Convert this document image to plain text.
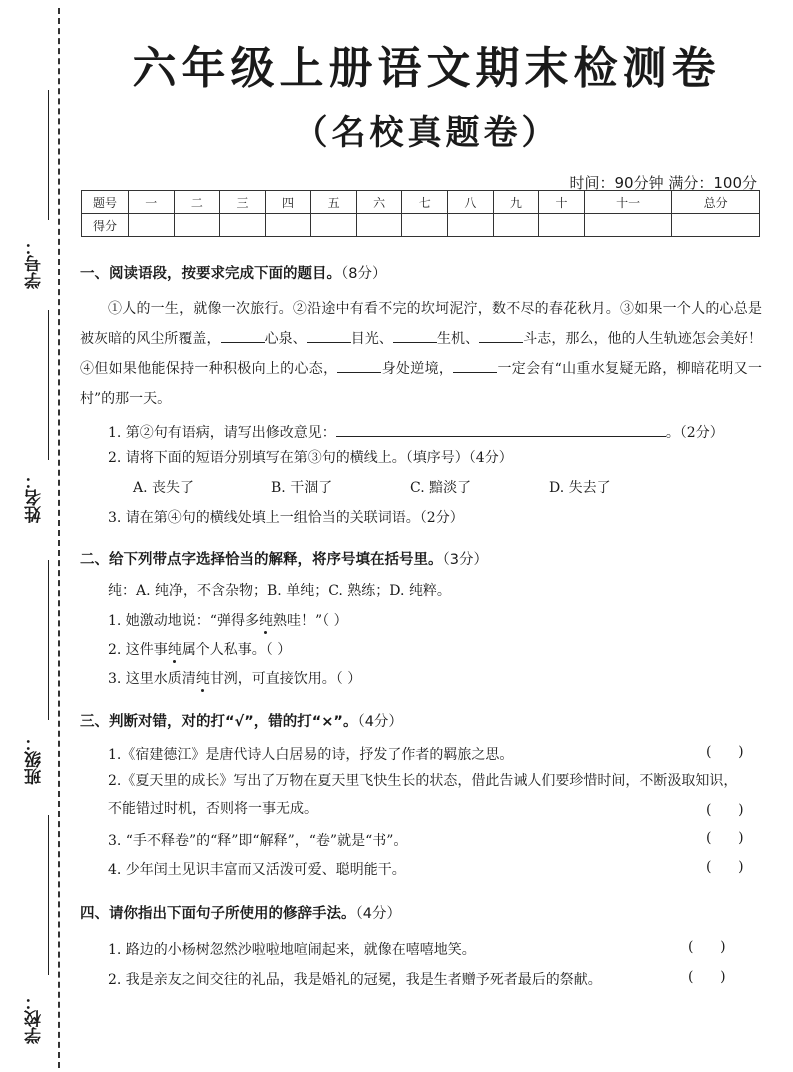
学号：
姓名：
班级：
学校：
六年级上册语文期末检测卷
（名校真题卷）
时间：90分钟 满分：100分
题号	一	二	三	四	五	六	七	八	九	十	十一	总分
得分												
一、阅读语段，按要求完成下面的题目。（8分）
①人的一生，就像一次旅行。②沿途中有看不完的坎坷泥泞，数不尽的春花秋月。③如果一个人的心总是被灰暗的风尘所覆盖，	心泉、	目光、	生机、	斗志，那么，他的人生轨迹怎会美好！④但如果他能保持一种积极向上的心态，	身处逆境，	一定会有“山重水复疑无路，柳暗花明又一村”的那一天。
1. 第②句有语病，请写出修改意见：	。（2分）
2. 请将下面的短语分别填写在第③句的横线上。（填序号）（4分）
A. 丧失了	B. 干涸了	C. 黯淡了	D. 失去了
3. 请在第④句的横线处填上一组恰当的关联词语。（2分）
二、给下列带点字选择恰当的解释，将序号填在括号里。（3分）
纯：A. 纯净，不含杂物；B. 单纯；C. 熟练；D. 纯粹。
1. 她激动地说：“弹得多纯熟哇！”（ ）
2. 这件事纯属个人私事。（ ）
3. 这里水质清纯甘洌，可直接饮用。（ ）
三、判断对错，对的打“√”，错的打“×”。（4分）
1.《宿建德江》是唐代诗人白居易的诗，抒发了作者的羁旅之思。	(      )
2.《夏天里的成长》写出了万物在夏天里飞快生长的状态，借此告诫人们要珍惜时间，不断汲取知识，不能错过时机，否则将一事无成。	(      )
3. “手不释卷”的“释”即“解释”，“卷”就是“书”。	(      )
4. 少年闰土见识丰富而又活泼可爱、聪明能干。	(      )
四、请你指出下面句子所使用的修辞手法。（4分）
1. 路边的小杨树忽然沙啦啦地喧闹起来，就像在嘻嘻地笑。	(      )
2. 我是亲友之间交往的礼品，我是婚礼的冠冕，我是生者赠予死者最后的祭献。	(      )
